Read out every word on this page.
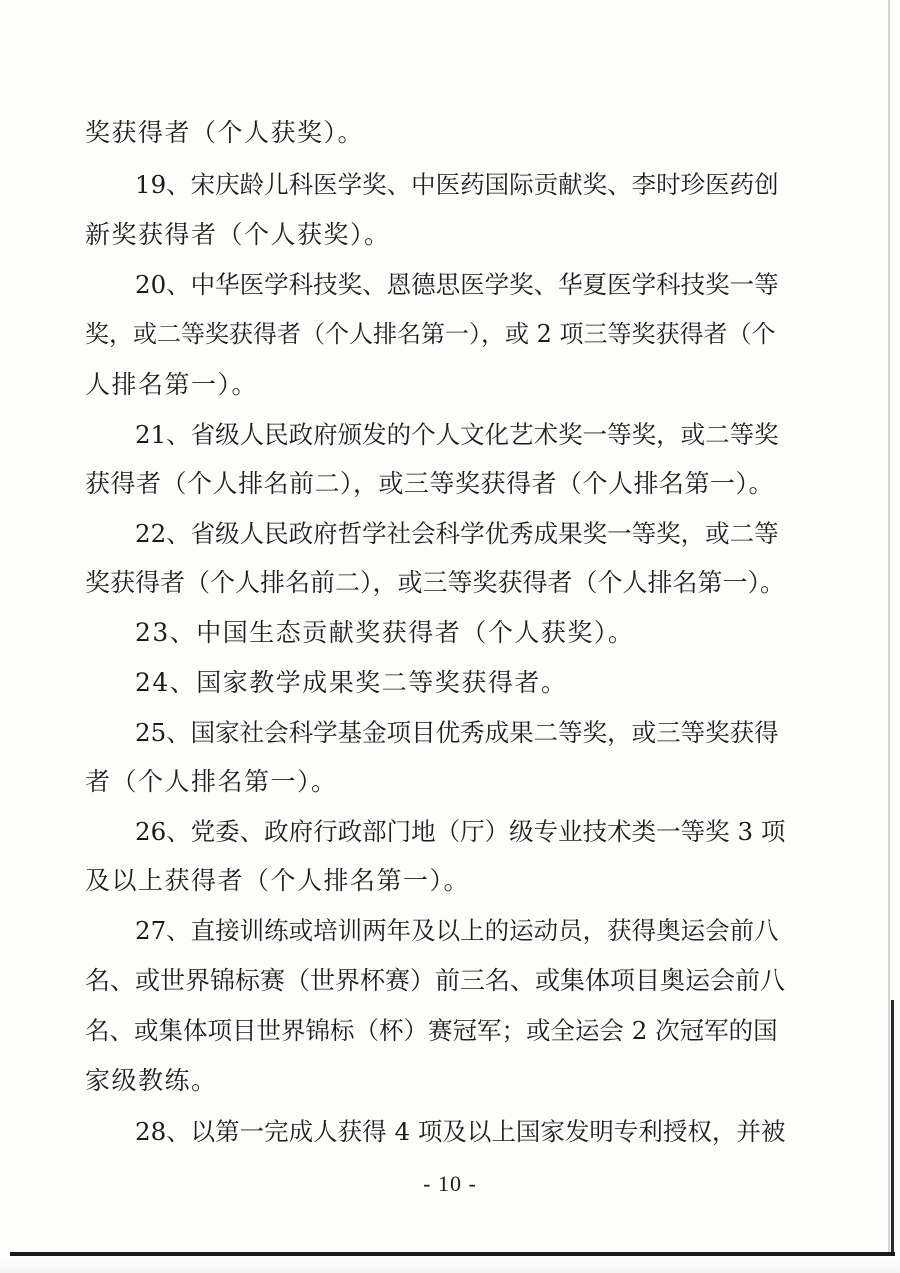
奖获得者（个人获奖）。
19、宋庆龄儿科医学奖、中医药国际贡献奖、李时珍医药创
新奖获得者（个人获奖）。
20、中华医学科技奖、恩德思医学奖、华夏医学科技奖一等
奖，或二等奖获得者（个人排名第一），或 2 项三等奖获得者（个
人排名第一）。
21、省级人民政府颁发的个人文化艺术奖一等奖，或二等奖
获得者（个人排名前二），或三等奖获得者（个人排名第一）。
22、省级人民政府哲学社会科学优秀成果奖一等奖，或二等
奖获得者（个人排名前二），或三等奖获得者（个人排名第一）。
23、中国生态贡献奖获得者（个人获奖）。
24、国家教学成果奖二等奖获得者。
25、国家社会科学基金项目优秀成果二等奖，或三等奖获得
者（个人排名第一）。
26、党委、政府行政部门地（厅）级专业技术类一等奖 3 项
及以上获得者（个人排名第一）。
27、直接训练或培训两年及以上的运动员，获得奥运会前八
名、或世界锦标赛（世界杯赛）前三名、或集体项目奥运会前八
名、或集体项目世界锦标（杯）赛冠军；或全运会 2 次冠军的国
家级教练。
28、以第一完成人获得 4 项及以上国家发明专利授权，并被
- 10 -
